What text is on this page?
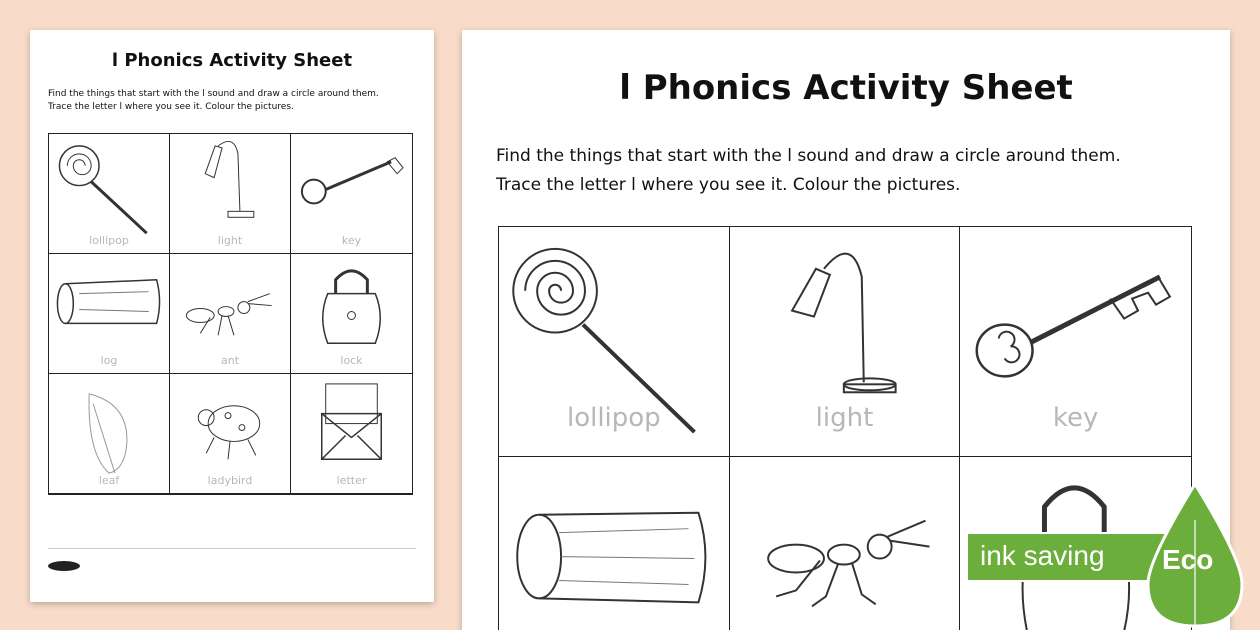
l Phonics Activity Sheet
Find the things that start with the l sound and draw a circle around them.
Trace the letter l where you see it. Colour the pictures.
lollipop	light	key
log	ant	lock
leaf	ladybird	letter
l Phonics Activity Sheet
Find the things that start with the l sound and draw a circle around them.
Trace the letter l where you see it. Colour the pictures.
lollipop	light	key
ink saving	Eco
